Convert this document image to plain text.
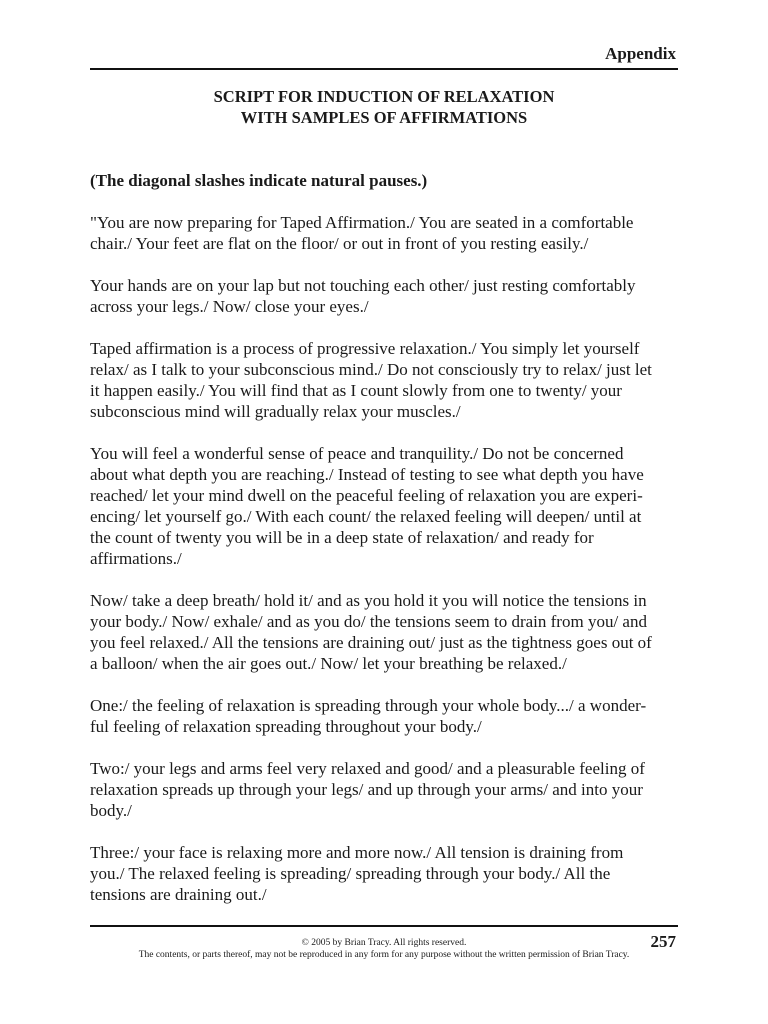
Appendix
SCRIPT FOR INDUCTION OF RELAXATION
WITH SAMPLES OF AFFIRMATIONS
(The diagonal slashes indicate natural pauses.)

"You are now preparing for Taped Affirmation./ You are seated in a comfortable
chair./ Your feet are flat on the floor/ or out in front of you resting easily./

Your hands are on your lap but not touching each other/ just resting comfortably
across your legs./ Now/ close your eyes./

Taped affirmation is a process of progressive relaxation./ You simply let yourself
relax/ as I talk to your subconscious mind./ Do not consciously try to relax/ just let
it happen easily./ You will find that as I count slowly from one to twenty/ your
subconscious mind will gradually relax your muscles./

You will feel a wonderful sense of peace and tranquility./ Do not be concerned
about what depth you are reaching./ Instead of testing to see what depth you have
reached/ let your mind dwell on the peaceful feeling of relaxation you are experi-
encing/ let yourself go./ With each count/ the relaxed feeling will deepen/ until at
the count of twenty you will be in a deep state of relaxation/ and ready for
affirmations./

Now/ take a deep breath/ hold it/ and as you hold it you will notice the tensions in
your body./ Now/ exhale/ and as you do/ the tensions seem to drain from you/ and
you feel relaxed./ All the tensions are draining out/ just as the tightness goes out of
a balloon/ when the air goes out./ Now/ let your breathing be relaxed./

One:/ the feeling of relaxation is spreading through your whole body.../ a wonder-
ful feeling of relaxation spreading throughout your body./

Two:/ your legs and arms feel very relaxed and good/ and a pleasurable feeling of
relaxation spreads up through your legs/ and up through your arms/ and into your
body./

Three:/ your face is relaxing more and more now./ All tension is draining from
you./ The relaxed feeling is spreading/ spreading through your body./ All the
tensions are draining out./

© 2005 by Brian Tracy. All rights reserved.
The contents, or parts thereof, may not be reproduced in any form for any purpose without the written permission of Brian Tracy.
257
